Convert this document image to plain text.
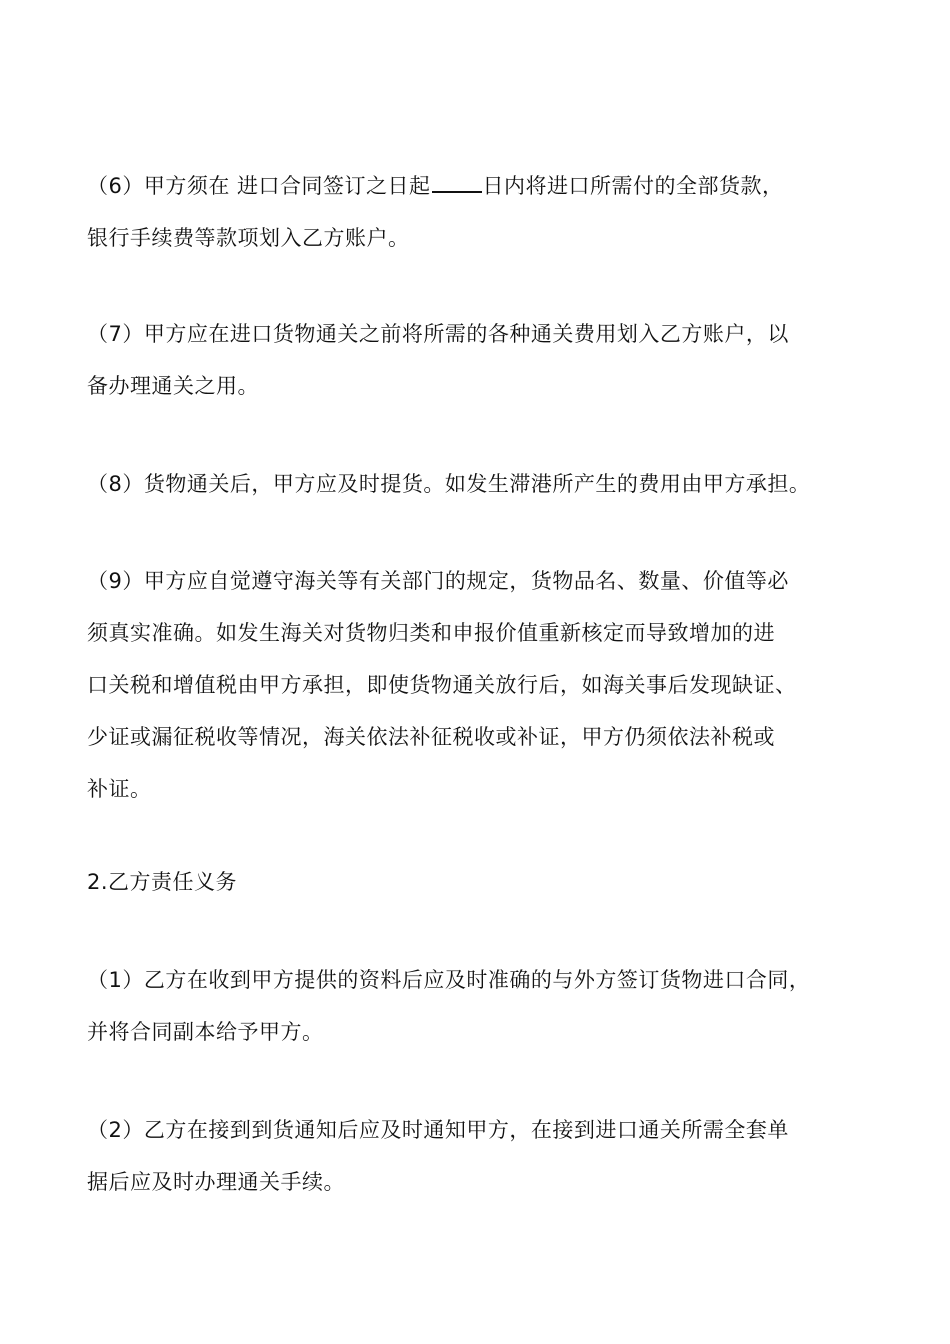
（6）甲方须在 进口合同签订之日起 日内将进口所需付的全部货款，
银行手续费等款项划入乙方账户。
（7）甲方应在进口货物通关之前将所需的各种通关费用划入乙方账户，以
备办理通关之用。
（8）货物通关后，甲方应及时提货。如发生滞港所产生的费用由甲方承担。
（9）甲方应自觉遵守海关等有关部门的规定，货物品名、数量、价值等必
须真实准确。如发生海关对货物归类和申报价值重新核定而导致增加的进
口关税和增值税由甲方承担，即使货物通关放行后，如海关事后发现缺证、
少证或漏征税收等情况，海关依法补征税收或补证，甲方仍须依法补税或
补证。
2.乙方责任义务
（1）乙方在收到甲方提供的资料后应及时准确的与外方签订货物进口合同，
并将合同副本给予甲方。
（2）乙方在接到到货通知后应及时通知甲方，在接到进口通关所需全套单
据后应及时办理通关手续。
